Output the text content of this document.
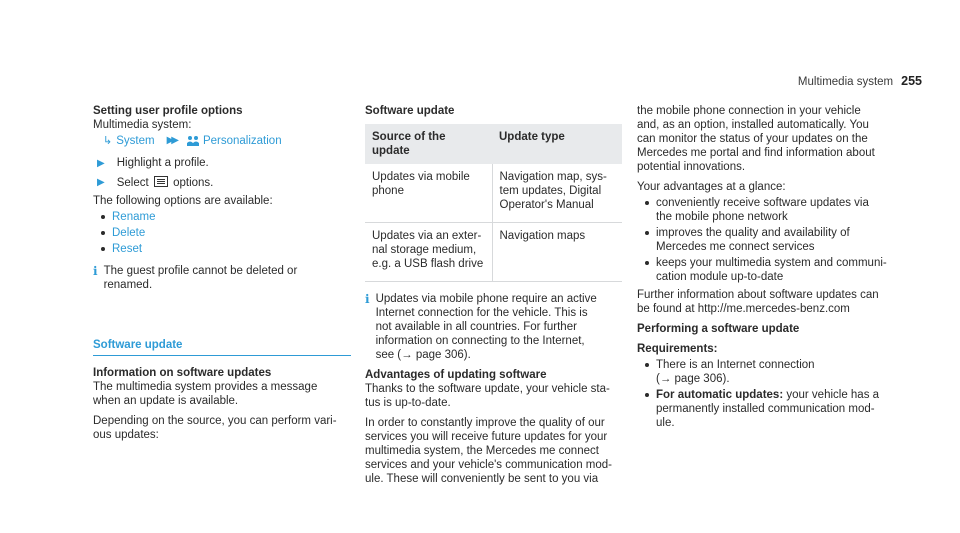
Multimedia system 255
Setting user profile options
Multimedia system:
↳ System ▶▶ Personalization
▶ Highlight a profile.
▶ Select options.
The following options are available:
Rename
Delete
Reset
ℹ The guest profile cannot be deleted or
renamed.
Software update
Information on software updates

The multimedia system provides a message
when an update is available.

Depending on the source, you can perform vari-
ous updates:

Software update
Source of the
update	Update type

Updates via mobile
phone	Navigation map, sys-
tem updates, Digital
Operator's Manual

Updates via an exter-
nal storage medium,
e.g. a USB flash drive	Navigation maps
ℹ Updates via mobile phone require an active
Internet connection for the vehicle. This is
not available in all countries. For further
information on connecting to the Internet,
see (→ page 306).
Advantages of updating software

Thanks to the software update, your vehicle sta-
tus is up-to-date.

In order to constantly improve the quality of our
services you will receive future updates for your
multimedia system, the Mercedes me connect
services and your vehicle's communication mod-
ule. These will conveniently be sent to you via

the mobile phone connection in your vehicle
and, as an option, installed automatically. You
can monitor the status of your updates on the
Mercedes me portal and find information about
potential innovations.

Your advantages at a glance:
conveniently receive software updates via
the mobile phone network
improves the quality and availability of
Mercedes me connect services
keeps your multimedia system and communi-
cation module up-to-date

Further information about software updates can
be found at http://me.mercedes-benz.com

Performing a software update
Requirements:
There is an Internet connection
(→ page 306).
For automatic updates: your vehicle has a
permanently installed communication mod-
ule.
